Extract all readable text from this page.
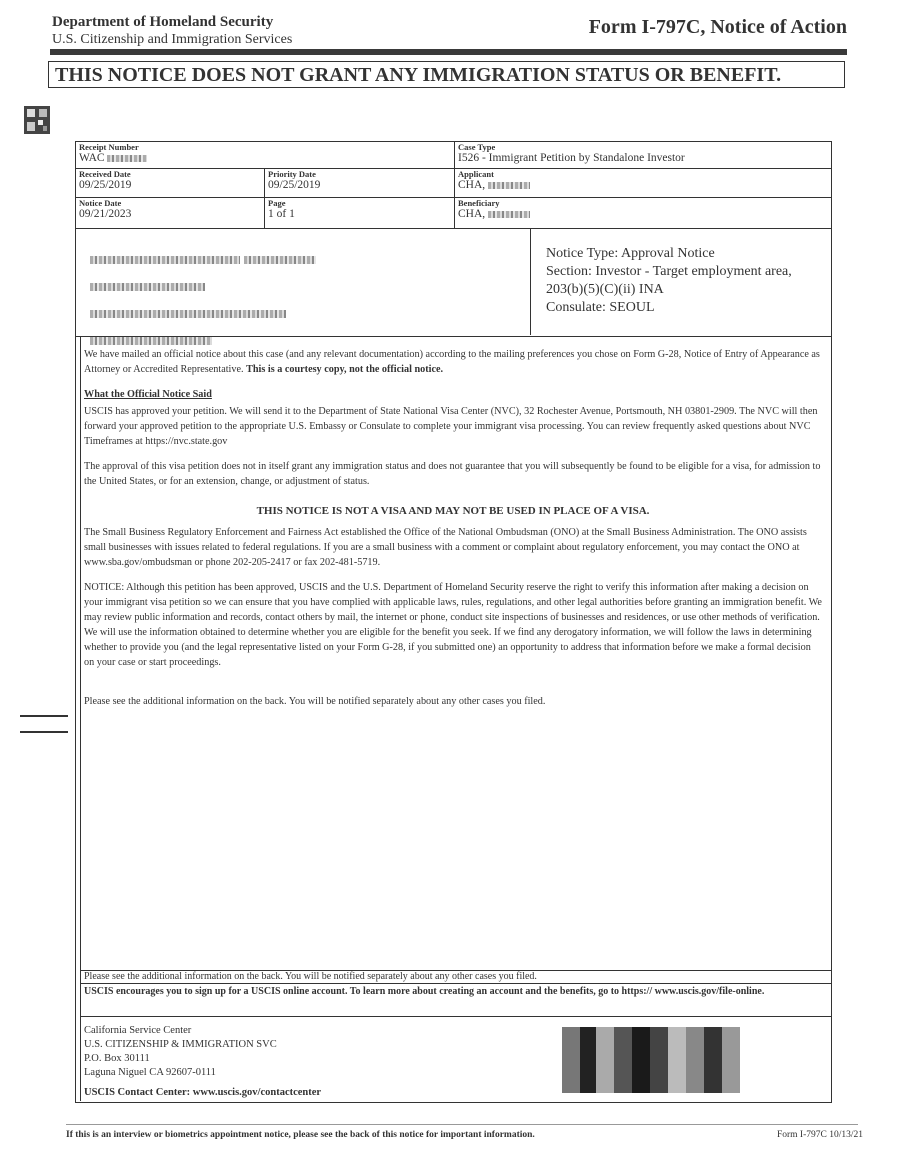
Department of Homeland Security
U.S. Citizenship and Immigration Services
Form I-797C, Notice of Action
THIS NOTICE DOES NOT GRANT ANY IMMIGRATION STATUS OR BENEFIT.
Receipt Number
WAC
Case Type
I526 - Immigrant Petition by Standalone Investor
Received Date
09/25/2019
Priority Date
09/25/2019
Applicant
CHA,
Notice Date
09/21/2023
Page
1 of 1
Beneficiary
CHA,

Notice Type: Approval Notice
Section: Investor - Target employment area,
203(b)(5)(C)(ii) INA
Consulate: SEOUL
We have mailed an official notice about this case (and any relevant documentation) according to the mailing preferences you chose on Form G-28, Notice of Entry of Appearance as Attorney or Accredited Representative. This is a courtesy copy, not the official notice.
What the Official Notice Said
USCIS has approved your petition. We will send it to the Department of State National Visa Center (NVC), 32 Rochester Avenue, Portsmouth, NH 03801-2909. The NVC will then forward your approved petition to the appropriate U.S. Embassy or Consulate to complete your immigrant visa processing. You can review frequently asked questions about NVC Timeframes at https://nvc.state.gov
The approval of this visa petition does not in itself grant any immigration status and does not guarantee that you will subsequently be found to be eligible for a visa, for admission to the United States, or for an extension, change, or adjustment of status.
THIS NOTICE IS NOT A VISA AND MAY NOT BE USED IN PLACE OF A VISA.
The Small Business Regulatory Enforcement and Fairness Act established the Office of the National Ombudsman (ONO) at the Small Business Administration. The ONO assists small businesses with issues related to federal regulations. If you are a small business with a comment or complaint about regulatory enforcement, you may contact the ONO at www.sba.gov/ombudsman or phone 202-205-2417 or fax 202-481-5719.
NOTICE: Although this petition has been approved, USCIS and the U.S. Department of Homeland Security reserve the right to verify this information after making a decision on your immigrant visa petition so we can ensure that you have complied with applicable laws, rules, regulations, and other legal authorities before granting an immigration benefit. We may review public information and records, contact others by mail, the internet or phone, conduct site inspections of businesses and residences, or use other methods of verification. We will use the information obtained to determine whether you are eligible for the benefit you seek. If we find any derogatory information, we will follow the laws in determining whether to provide you (and the legal representative listed on your Form G-28, if you submitted one) an opportunity to address that information before we make a formal decision on your case or start proceedings.
Please see the additional information on the back. You will be notified separately about any other cases you filed.
Please see the additional information on the back. You will be notified separately about any other cases you filed.
USCIS encourages you to sign up for a USCIS online account. To learn more about creating an account and the benefits, go to https:// www.uscis.gov/file-online.
California Service Center
U.S. CITIZENSHIP & IMMIGRATION SVC
P.O. Box 30111
Laguna Niguel CA 92607-0111
USCIS Contact Center: www.uscis.gov/contactcenter
If this is an interview or biometrics appointment notice, please see the back of this notice for important information.	Form I-797C 10/13/21
